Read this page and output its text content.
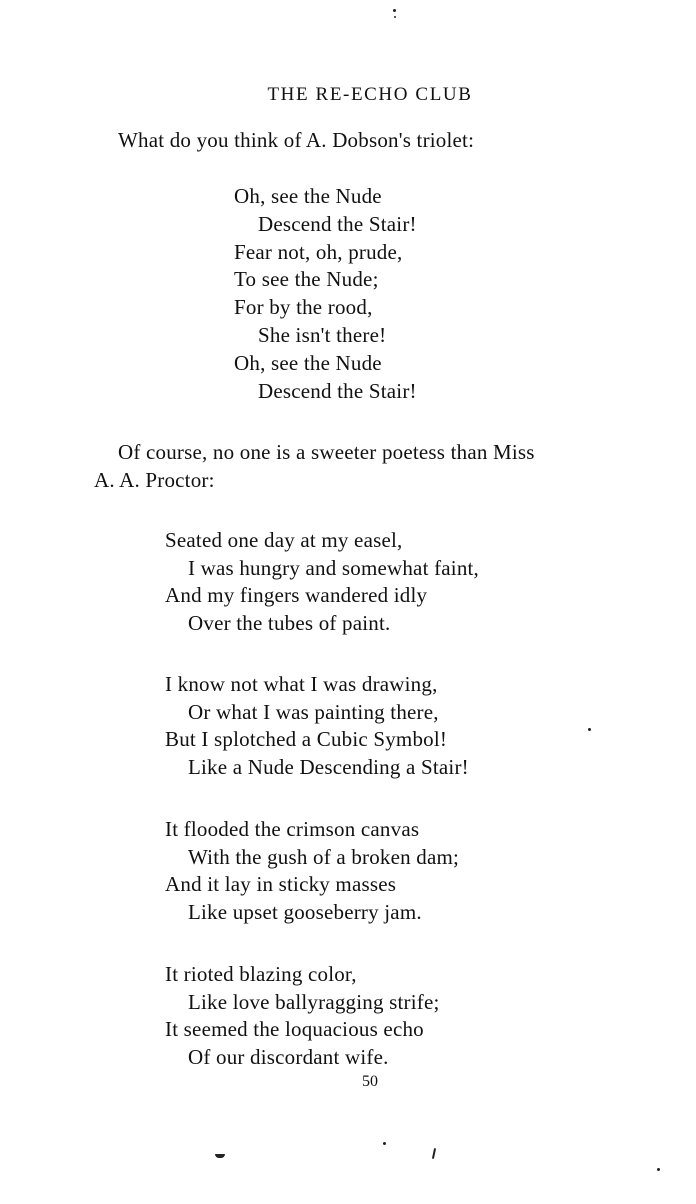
THE RE-ECHO CLUB
What do you think of A. Dobson's triolet:
Oh, see the Nude
Descend the Stair!
Fear not, oh, prude,
To see the Nude;
For by the rood,
She isn't there!
Oh, see the Nude
Descend the Stair!
Of course, no one is a sweeter poetess than Miss
A. A. Proctor:
Seated one day at my easel,
I was hungry and somewhat faint,
And my fingers wandered idly
Over the tubes of paint.
I know not what I was drawing,
Or what I was painting there,
But I splotched a Cubic Symbol!
Like a Nude Descending a Stair!
It flooded the crimson canvas
With the gush of a broken dam;
And it lay in sticky masses
Like upset gooseberry jam.
It rioted blazing color,
Like love ballyragging strife;
It seemed the loquacious echo
Of our discordant wife.
50
